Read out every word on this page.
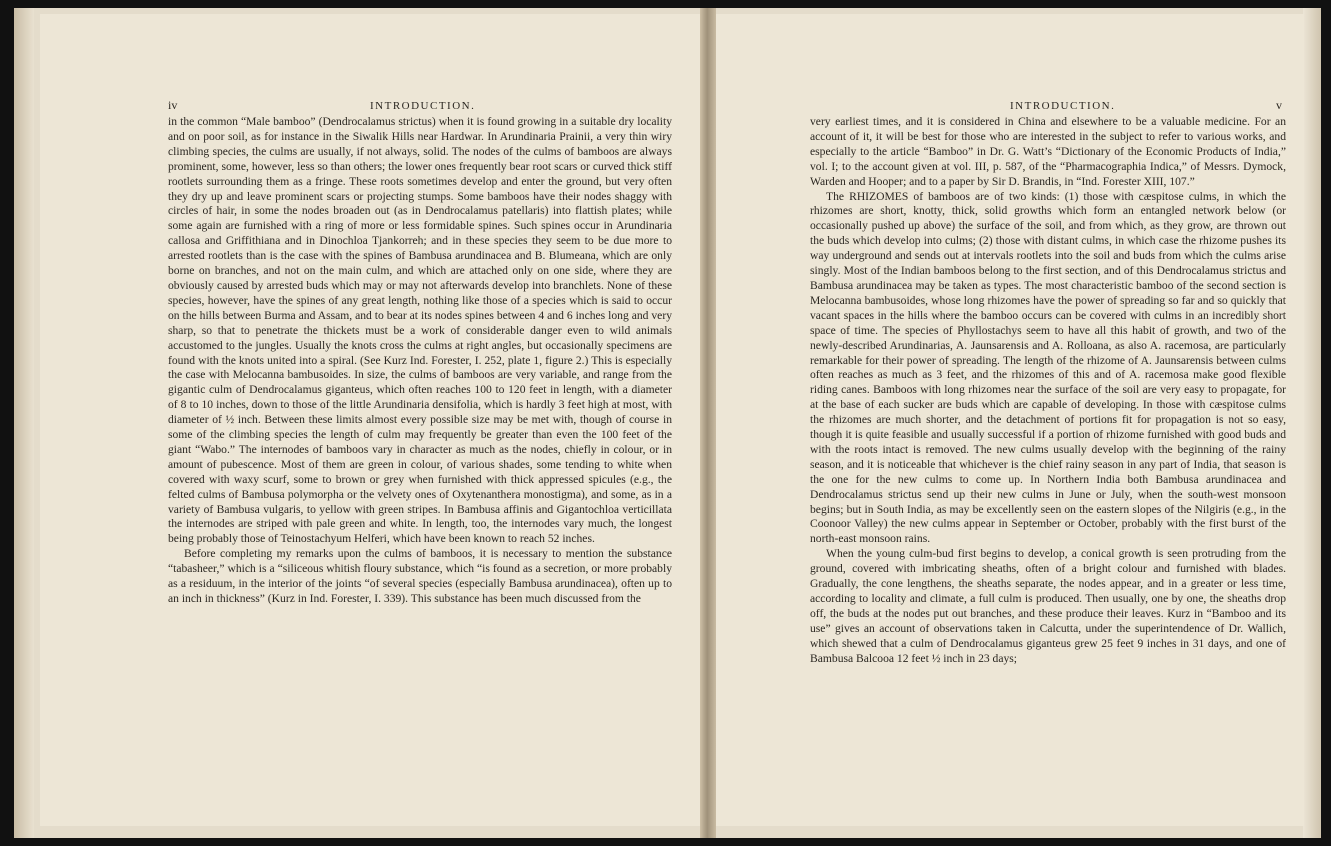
iv	INTRODUCTION.	INTRODUCTION.	v

in the common “Male bamboo” (Dendrocalamus strictus) when it is found growing in a suitable dry locality and on poor soil, as for instance in the Siwalik Hills near Hardwar. In Arundinaria Prainii, a very thin wiry climbing species, the culms are usually, if not always, solid. The nodes of the culms of bamboos are always prominent, some, however, less so than others; the lower ones frequently bear root scars or curved thick stiff rootlets surrounding them as a fringe. These roots sometimes develop and enter the ground, but very often they dry up and leave prominent scars or projecting stumps. Some bamboos have their nodes shaggy with circles of hair, in some the nodes broaden out (as in Dendrocalamus patellaris) into flattish plates; while some again are furnished with a ring of more or less formidable spines. Such spines occur in Arundinaria callosa and Griffithiana and in Dinochloa Tjankorreh; and in these species they seem to be due more to arrested rootlets than is the case with the spines of Bambusa arundinacea and B. Blumeana, which are only borne on branches, and not on the main culm, and which are attached only on one side, where they are obviously caused by arrested buds which may or may not afterwards develop into branchlets. None of these species, however, have the spines of any great length, nothing like those of a species which is said to occur on the hills between Burma and Assam, and to bear at its nodes spines between 4 and 6 inches long and very sharp, so that to penetrate the thickets must be a work of considerable danger even to wild animals accustomed to the jungles. Usually the knots cross the culms at right angles, but occasionally specimens are found with the knots united into a spiral. (See Kurz Ind. Forester, I. 252, plate 1, figure 2.) This is especially the case with Melocanna bambusoides. In size, the culms of bamboos are very variable, and range from the gigantic culm of Dendrocalamus giganteus, which often reaches 100 to 120 feet in length, with a diameter of 8 to 10 inches, down to those of the little Arundinaria densifolia, which is hardly 3 feet high at most, with diameter of ½ inch. Between these limits almost every possible size may be met with, though of course in some of the climbing species the length of culm may frequently be greater than even the 100 feet of the giant “Wabo.” The internodes of bamboos vary in character as much as the nodes, chiefly in colour, or in amount of pubescence. Most of them are green in colour, of various shades, some tending to white when covered with waxy scurf, some to brown or grey when furnished with thick appressed spicules (e.g., the felted culms of Bambusa polymorpha or the velvety ones of Oxytenanthera monostigma), and some, as in a variety of Bambusa vulgaris, to yellow with green stripes. In Bambusa affinis and Gigantochloa verticillata the internodes are striped with pale green and white. In length, too, the internodes vary much, the longest being probably those of Teinostachyum Helferi, which have been known to reach 52 inches.

Before completing my remarks upon the culms of bamboos, it is necessary to mention the substance “tabasheer,” which is a “siliceous whitish floury substance, which “is found as a secretion, or more probably as a residuum, in the interior of the joints “of several species (especially Bambusa arundinacea), often up to an inch in thickness” (Kurz in Ind. Forester, I. 339). This substance has been much discussed from the

very earliest times, and it is considered in China and elsewhere to be a valuable medicine. For an account of it, it will be best for those who are interested in the subject to refer to various works, and especially to the article “Bamboo” in Dr. G. Watt’s “Dictionary of the Economic Products of India,” vol. I; to the account given at vol. III, p. 587, of the “Pharmacographia Indica,” of Messrs. Dymock, Warden and Hooper; and to a paper by Sir D. Brandis, in “Ind. Forester XIII, 107.”

The RHIZOMES of bamboos are of two kinds: (1) those with cæspitose culms, in which the rhizomes are short, knotty, thick, solid growths which form an entangled network below (or occasionally pushed up above) the surface of the soil, and from which, as they grow, are thrown out the buds which develop into culms; (2) those with distant culms, in which case the rhizome pushes its way underground and sends out at intervals rootlets into the soil and buds from which the culms arise singly. Most of the Indian bamboos belong to the first section, and of this Dendrocalamus strictus and Bambusa arundinacea may be taken as types. The most characteristic bamboo of the second section is Melocanna bambusoides, whose long rhizomes have the power of spreading so far and so quickly that vacant spaces in the hills where the bamboo occurs can be covered with culms in an incredibly short space of time. The species of Phyllostachys seem to have all this habit of growth, and two of the newly-described Arundinarias, A. Jaunsarensis and A. Rolloana, as also A. racemosa, are particularly remarkable for their power of spreading. The length of the rhizome of A. Jaunsarensis between culms often reaches as much as 3 feet, and the rhizomes of this and of A. racemosa make good flexible riding canes. Bamboos with long rhizomes near the surface of the soil are very easy to propagate, for at the base of each sucker are buds which are capable of developing. In those with cæspitose culms the rhizomes are much shorter, and the detachment of portions fit for propagation is not so easy, though it is quite feasible and usually successful if a portion of rhizome furnished with good buds and with the roots intact is removed. The new culms usually develop with the beginning of the rainy season, and it is noticeable that whichever is the chief rainy season in any part of India, that season is the one for the new culms to come up. In Northern India both Bambusa arundinacea and Dendrocalamus strictus send up their new culms in June or July, when the south-west monsoon begins; but in South India, as may be excellently seen on the eastern slopes of the Nilgiris (e.g., in the Coonoor Valley) the new culms appear in September or October, probably with the first burst of the north-east monsoon rains.

When the young culm-bud first begins to develop, a conical growth is seen protruding from the ground, covered with imbricating sheaths, often of a bright colour and furnished with blades. Gradually, the cone lengthens, the sheaths separate, the nodes appear, and in a greater or less time, according to locality and climate, a full culm is produced. Then usually, one by one, the sheaths drop off, the buds at the nodes put out branches, and these produce their leaves. Kurz in “Bamboo and its use” gives an account of observations taken in Calcutta, under the superintendence of Dr. Wallich, which shewed that a culm of Dendrocalamus giganteus grew 25 feet 9 inches in 31 days, and one of Bambusa Balcooa 12 feet ½ inch in 23 days;
